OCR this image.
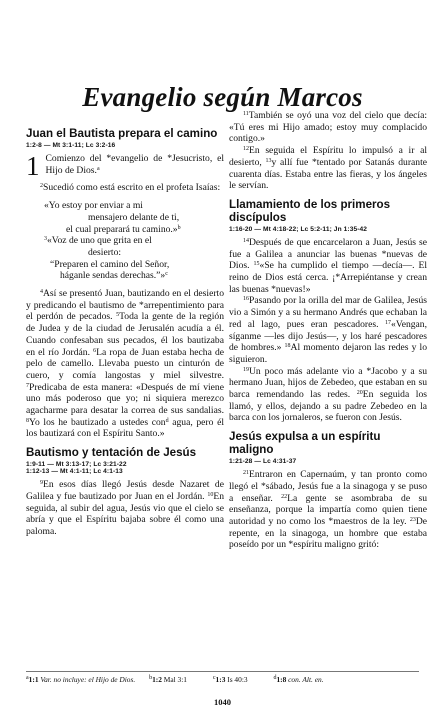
Evangelio según Marcos
Juan el Bautista prepara el camino
1:2-8 — Mt 3:1-11; Lc 3:2-16

1 Comienzo del *evangelio de *Jesucristo, el Hijo de Dios.$^a$

$^2$Sucedió como está escrito en el profeta Isaías:

«Yo estoy por enviar a mi
mensajero delante de ti,
el cual preparará tu camino.»$^b$
$^3$«Voz de uno que grita en el
desierto:
“Preparen el camino del Señor,
háganle sendas derechas.”»$^c$

$^4$Así se presentó Juan, bautizando en el desierto y predicando el bautismo de *arrepentimiento para el perdón de pecados. $^5$Toda la gente de la región de Judea y de la ciudad de Jerusalén acudía a él. Cuando confesaban sus pecados, él los bautizaba en el río Jordán. $^6$La ropa de Juan estaba hecha de pelo de camello. Llevaba puesto un cinturón de cuero, y comía langostas y miel silvestre. $^7$Predicaba de esta manera: «Después de mí viene uno más poderoso que yo; ni siquiera merezco agacharme para desatar la correa de sus sandalias. $^8$Yo los he bautizado a ustedes con$^d$ agua, pero él los bautizará con el Espíritu Santo.»

Bautismo y tentación de Jesús
1:9-11 — Mt 3:13-17; Lc 3:21-22
1:12-13 — Mt 4:1-11; Lc 4:1-13

$^9$En esos días llegó Jesús desde Nazaret de Galilea y fue bautizado por Juan en el Jordán. $^{10}$En seguida, al subir del agua, Jesús vio que el cielo se abría y que el Espíritu bajaba sobre él como una paloma.

$^{11}$También se oyó una voz del cielo que decía: «Tú eres mi Hijo amado; estoy muy complacido contigo.»

$^{12}$En seguida el Espíritu lo impulsó a ir al desierto, $^{13}$y allí fue *tentado por Satanás durante cuarenta días. Estaba entre las fieras, y los ángeles le servían.

Llamamiento de los primeros discípulos
1:16-20 — Mt 4:18-22; Lc 5:2-11; Jn 1:35-42

$^{14}$Después de que encarcelaron a Juan, Jesús se fue a Galilea a anunciar las buenas *nuevas de Dios. $^{15}$«Se ha cumplido el tiempo —decía—. El reino de Dios está cerca. ¡*Arrepiéntanse y crean las buenas *nuevas!»

$^{16}$Pasando por la orilla del mar de Galilea, Jesús vio a Simón y a su hermano Andrés que echaban la red al lago, pues eran pescadores. $^{17}$«Vengan, síganme —les dijo Jesús—, y los haré pescadores de hombres.» $^{18}$Al momento dejaron las redes y lo siguieron.

$^{19}$Un poco más adelante vio a *Jacobo y a su hermano Juan, hijos de Zebedeo, que estaban en su barca remendando las redes. $^{20}$En seguida los llamó, y ellos, dejando a su padre Zebedeo en la barca con los jornaleros, se fueron con Jesús.

Jesús expulsa a un espíritu maligno
1:21-28 — Lc 4:31-37

$^{21}$Entraron en Capernaúm, y tan pronto como llegó el *sábado, Jesús fue a la sinagoga y se puso a enseñar. $^{22}$La gente se asombraba de su enseñanza, porque la impartía como quien tiene autoridad y no como los *maestros de la ley. $^{23}$De repente, en la sinagoga, un hombre que estaba poseído por un *espíritu maligno gritó:

$^a$1:1 Var. no incluye: el Hijo de Dios. $^b$1:2 Mal 3:1	$^c$1:3 Is 40:3	$^d$1:8 con. Alt. en.
1040
